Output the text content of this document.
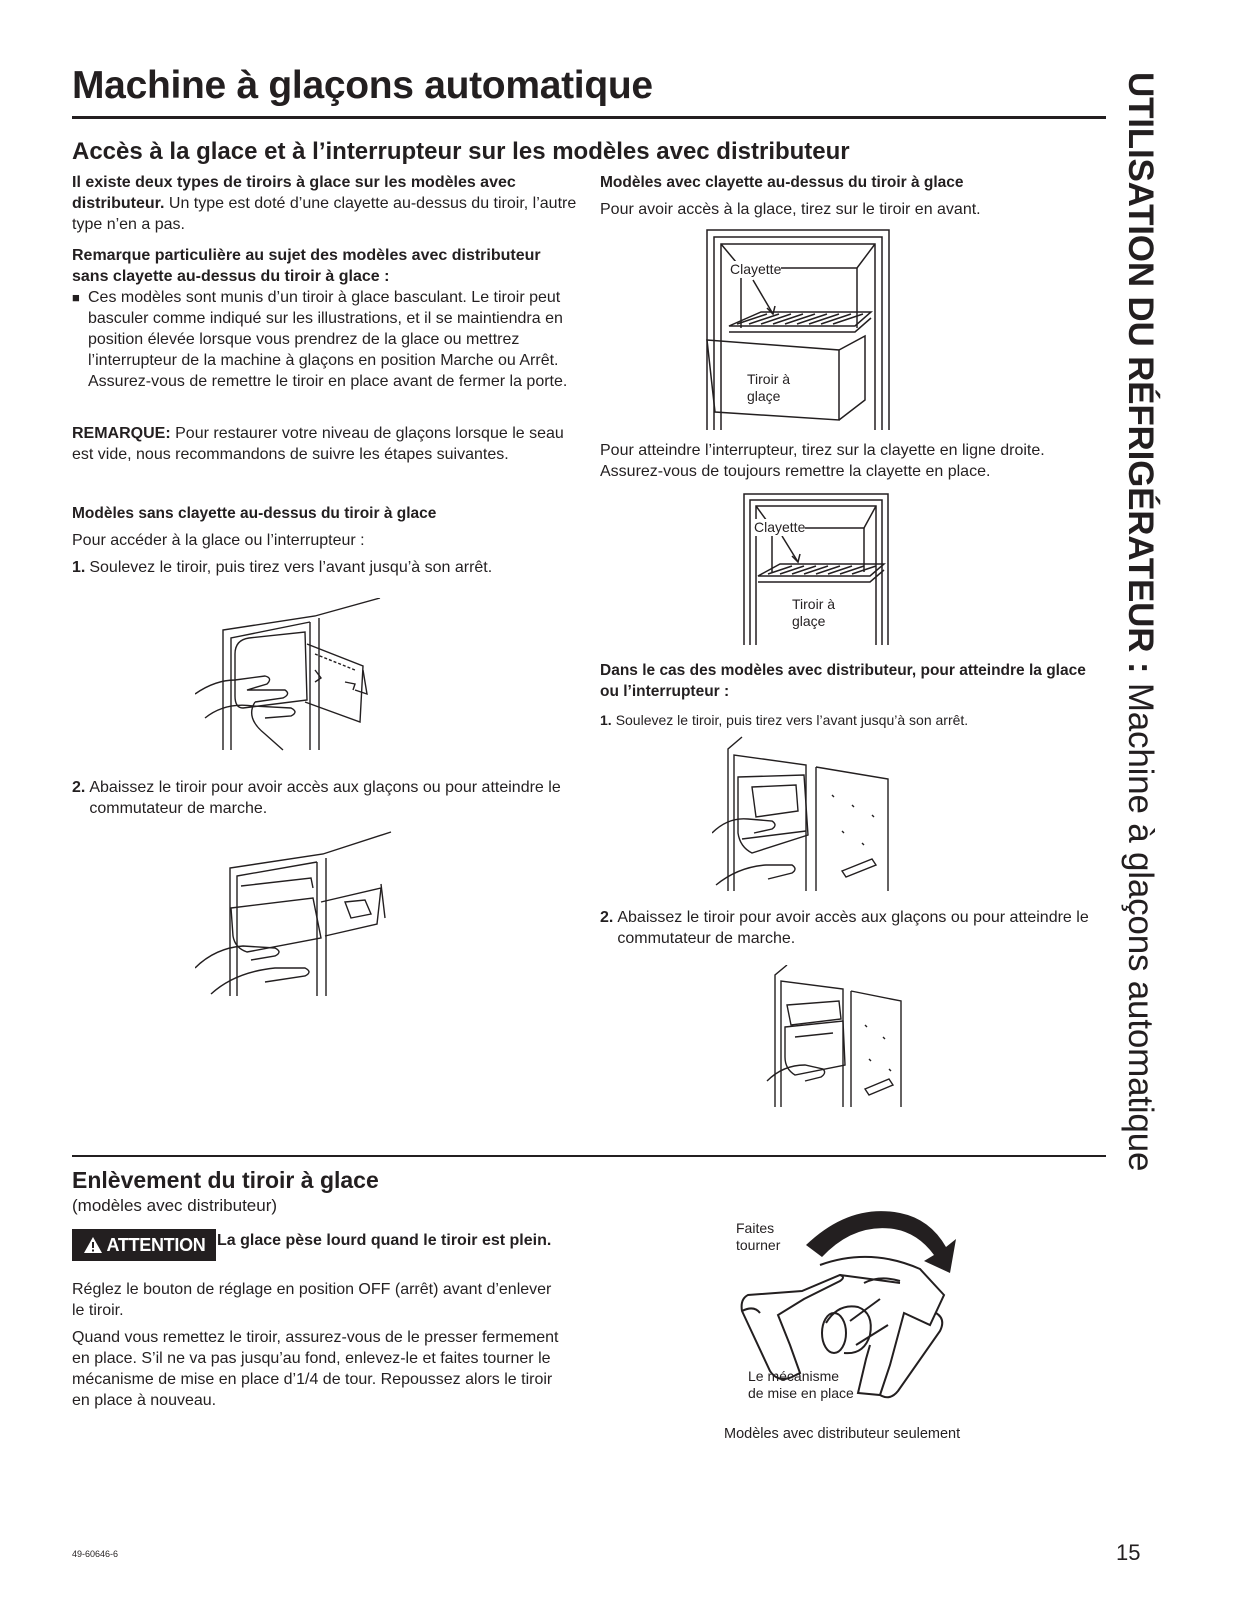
Machine à glaçons automatique
Accès à la glace et à l’interrupteur sur les modèles avec distributeur	UTILISATION DU RÉFRIGÉRATEUR : Machine à glaçons automatique

Il existe deux types de tiroirs à glace sur les modèles avec distributeur. Un type est doté d’une clayette au-dessus du tiroir, l’autre type n’en a pas.

Remarque particulière au sujet des modèles avec distributeur sans clayette au-dessus du tiroir à glace :

■ Ces modèles sont munis d’un tiroir à glace basculant. Le tiroir peut basculer comme indiqué sur les illustrations, et il se maintiendra en position élevée lorsque vous prendrez de la glace ou mettrez l’interrupteur de la machine à glaçons en position Marche ou Arrêt. Assurez-vous de remettre le tiroir en place avant de fermer la porte.

REMARQUE: Pour restaurer votre niveau de glaçons lorsque le seau est vide, nous recommandons de suivre les étapes suivantes.

Modèles sans clayette au-dessus du tiroir à glace

Pour accéder à la glace ou l’interrupteur :

1. Soulevez le tiroir, puis tirez vers l’avant jusqu’à son arrêt.
2. Abaissez le tiroir pour avoir accès aux glaçons ou pour atteindre le commutateur de marche.

Modèles avec clayette au-dessus du tiroir à glace

Pour avoir accès à la glace, tirez sur le tiroir en avant.

Clayette
Tiroir à
glaçe

Pour atteindre l’interrupteur, tirez sur la clayette en ligne droite. Assurez-vous de toujours remettre la clayette en place.

Clayette
Tiroir à
glaçe

Dans le cas des modèles avec distributeur, pour atteindre la glace ou l’interrupteur :

1. Soulevez le tiroir, puis tirez vers l’avant jusqu’à son arrêt.
2. Abaissez le tiroir pour avoir accès aux glaçons ou pour atteindre le commutateur de marche.

Enlèvement du tiroir à glace

(modèles avec distributeur)

ATTENTION La glace pèse lourd quand le tiroir est plein.

Réglez le bouton de réglage en position OFF (arrêt) avant d’enlever le tiroir.

Quand vous remettez le tiroir, assurez-vous de le presser fermement en place. S’il ne va pas jusqu’au fond, enlevez-le et faites tourner le mécanisme de mise en place d’1/4 de tour. Repoussez alors le tiroir en place à nouveau.

Faites
tourner
Le mécanisme
de mise en place

Modèles avec distributeur seulement

49-60646-6	15
